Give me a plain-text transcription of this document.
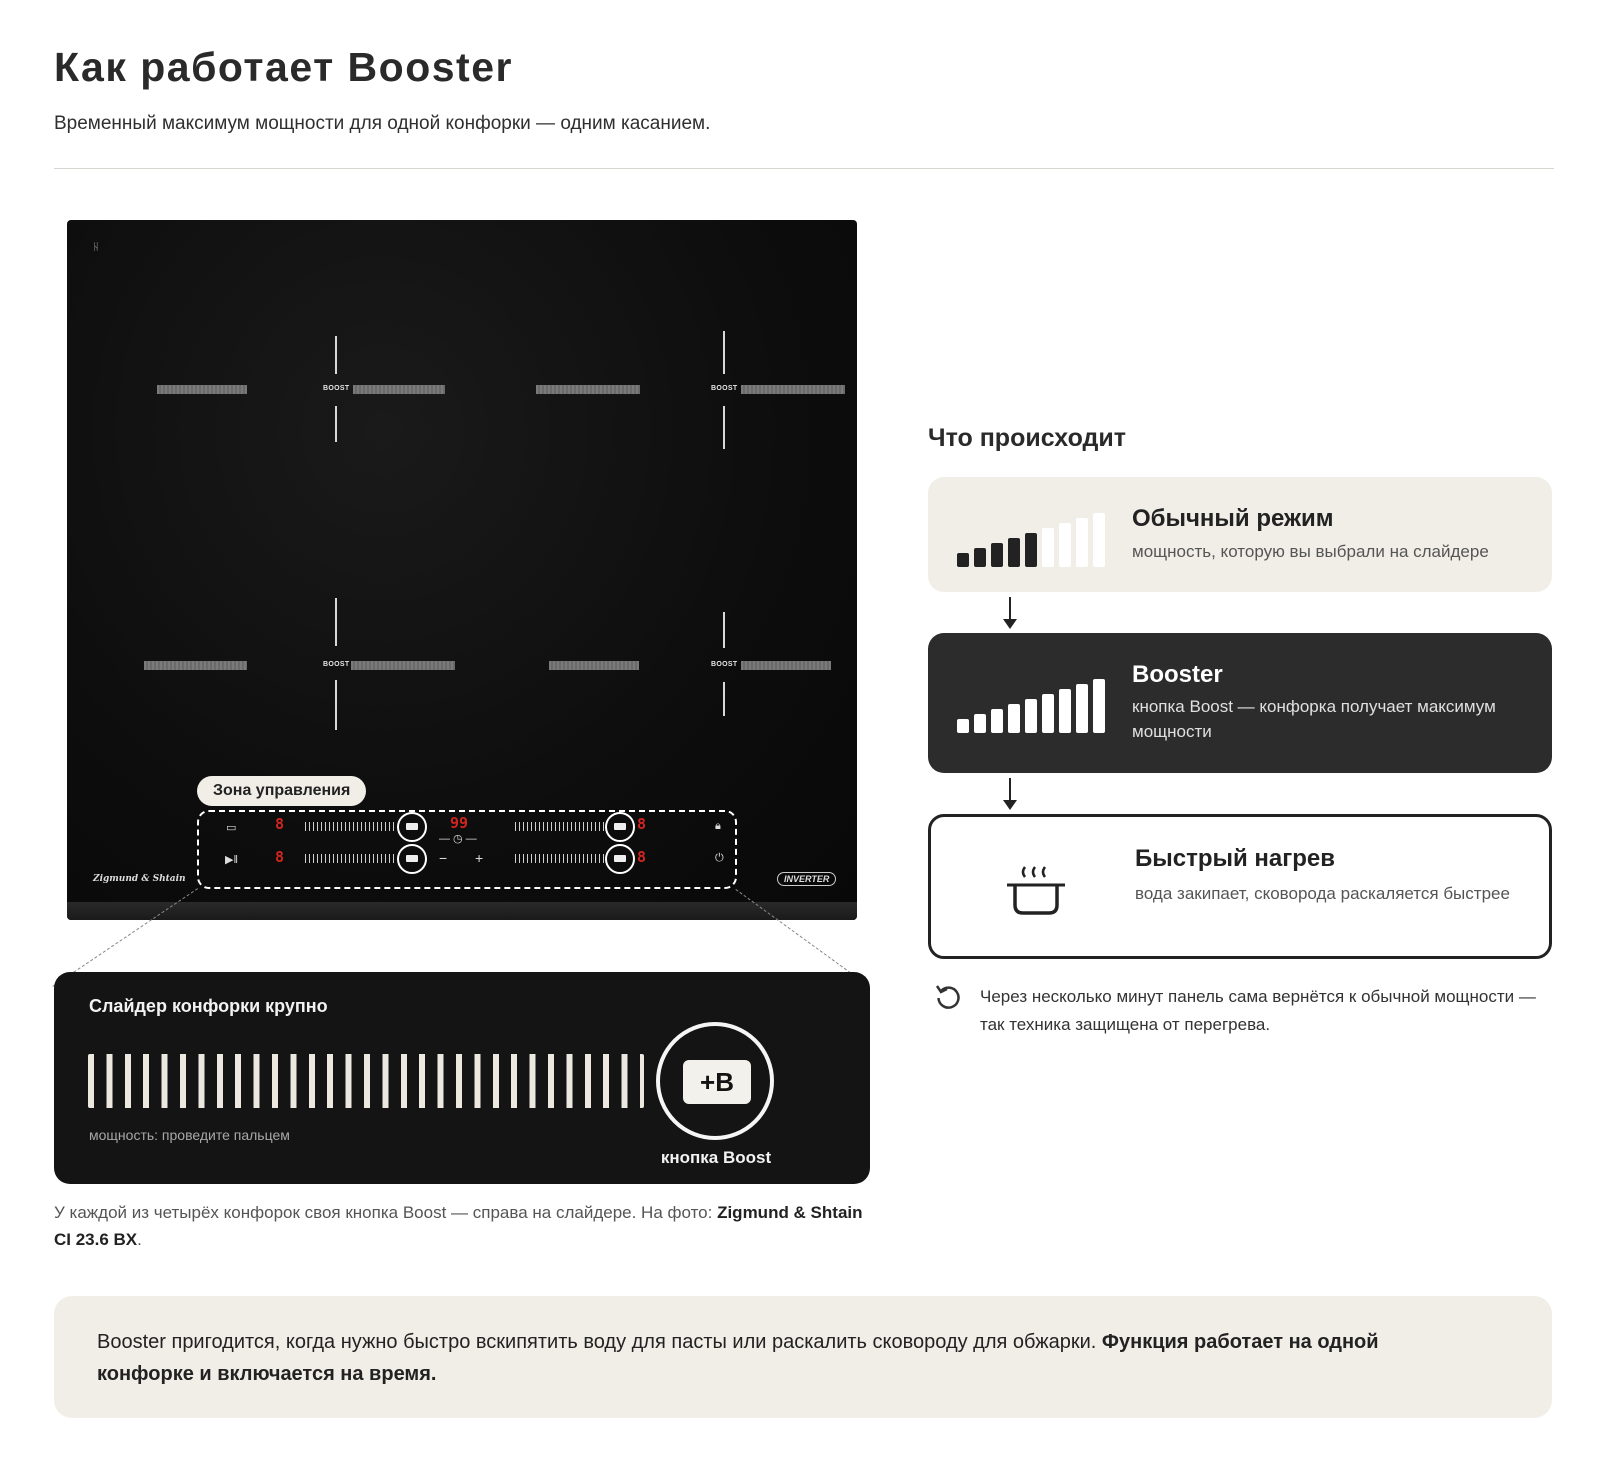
Как работает Booster

Временный максимум мощности для одной конфорки — одним касанием.

ᚺ
BOOST	BOOST
BOOST	BOOST
Zigmund & Shtain	INVERTER
Зона управления
▭
▶‖
8
8
99
— ◷ —
− +
8
8
🔒︎
⏻
Слайдер конфорки крупно
мощность: проведите пальцем
+B
кнопка Boost

У каждой из четырёх конфорок своя кнопка Boost — справа на слайдере. На фото: Zigmund & Shtain CI 23.6 BX.

Что происходит
Обычный режим
мощность, которую вы выбрали на слайдере
Booster
кнопка Boost — конфорка получает максимум мощности
Быстрый нагрев
вода закипает, сковорода раскаляется быстрее

Через несколько минут панель сама вернётся к обычной мощности — так техника защищена от перегрева.

Booster пригодится, когда нужно быстро вскипятить воду для пасты или раскалить сковороду для обжарки. Функция работает на одной конфорке и включается на время.
